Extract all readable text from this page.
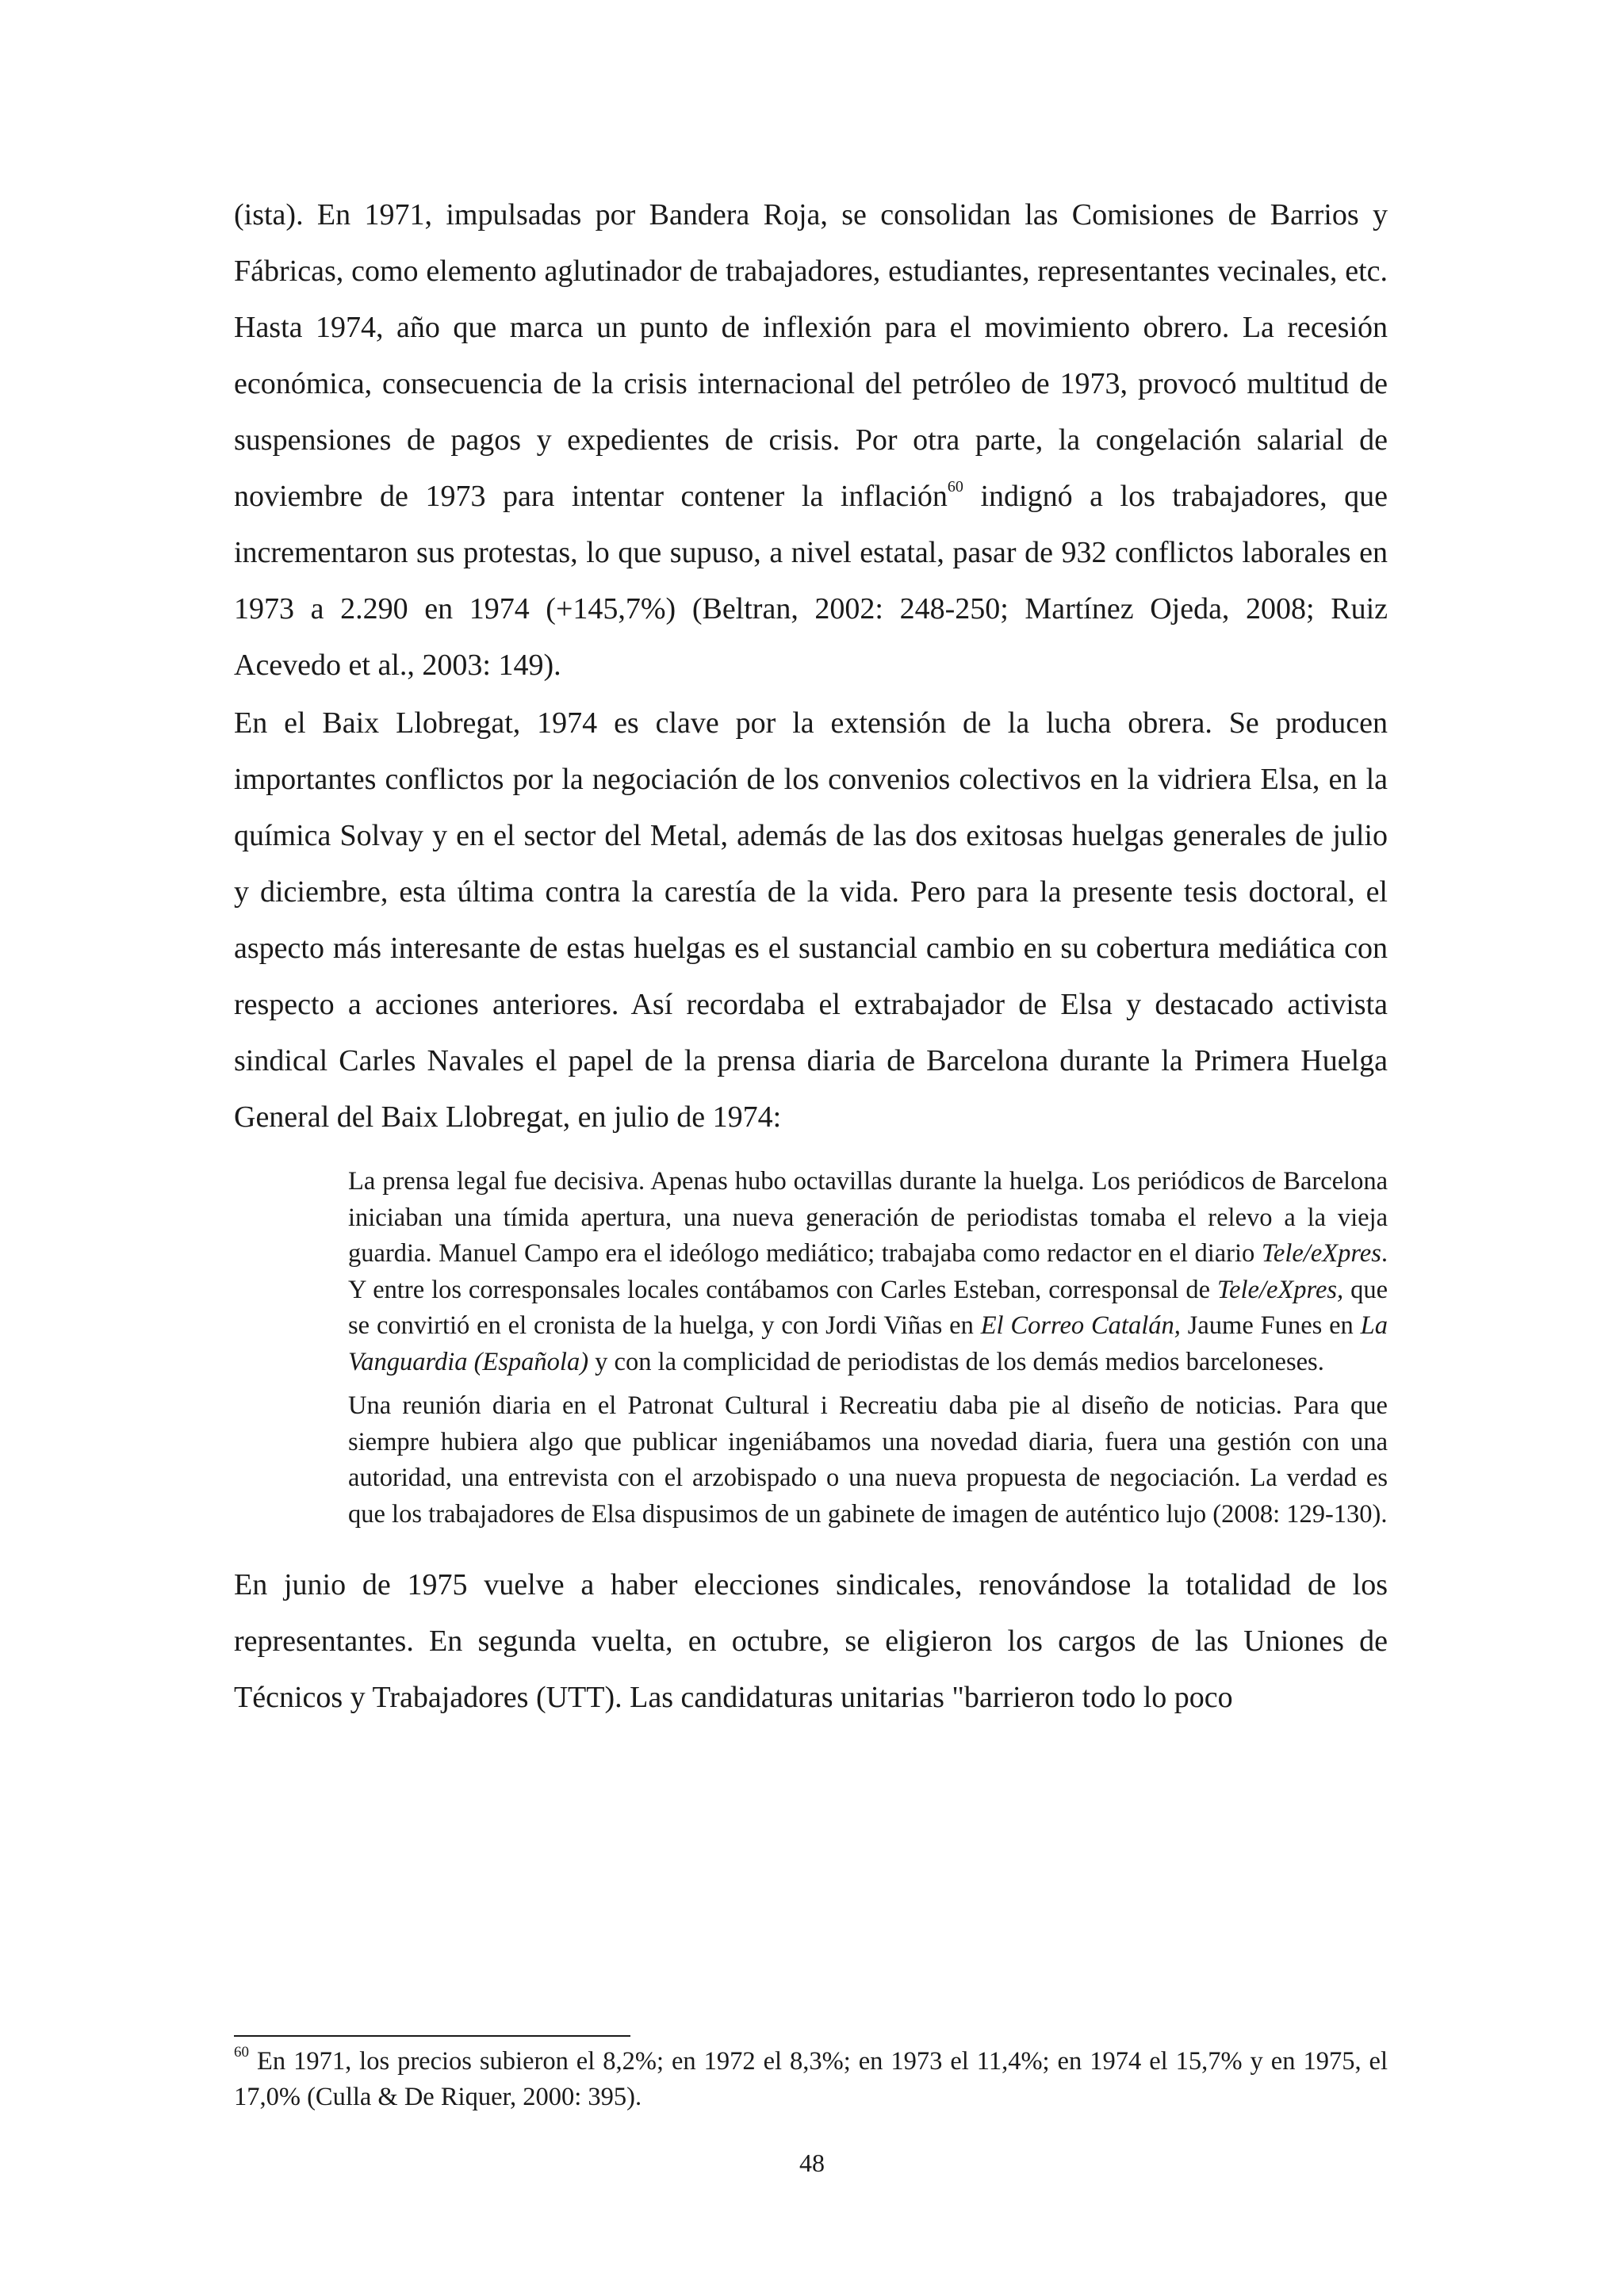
(ista). En 1971, impulsadas por Bandera Roja, se consolidan las Comisiones de Barrios y Fábricas, como elemento aglutinador de trabajadores, estudiantes, representantes vecinales, etc. Hasta 1974, año que marca un punto de inflexión para el movimiento obrero. La recesión económica, consecuencia de la crisis internacional del petróleo de 1973, provocó multitud de suspensiones de pagos y expedientes de crisis. Por otra parte, la congelación salarial de noviembre de 1973 para intentar contener la inflación$^{60}$ indignó a los trabajadores, que incrementaron sus protestas, lo que supuso, a nivel estatal, pasar de 932 conflictos laborales en 1973 a 2.290 en 1974 (+145,7%) (Beltran, 2002: 248-250; Martínez Ojeda, 2008; Ruiz Acevedo et al., 2003: 149).

En el Baix Llobregat, 1974 es clave por la extensión de la lucha obrera. Se producen importantes conflictos por la negociación de los convenios colectivos en la vidriera Elsa, en la química Solvay y en el sector del Metal, además de las dos exitosas huelgas generales de julio y diciembre, esta última contra la carestía de la vida. Pero para la presente tesis doctoral, el aspecto más interesante de estas huelgas es el sustancial cambio en su cobertura mediática con respecto a acciones anteriores. Así recordaba el extrabajador de Elsa y destacado activista sindical Carles Navales el papel de la prensa diaria de Barcelona durante la Primera Huelga General del Baix Llobregat, en julio de 1974:

La prensa legal fue decisiva. Apenas hubo octavillas durante la huelga. Los periódicos de Barcelona iniciaban una tímida apertura, una nueva generación de periodistas tomaba el relevo a la vieja guardia. Manuel Campo era el ideólogo mediático; trabajaba como redactor en el diario Tele/eXpres. Y entre los corresponsales locales contábamos con Carles Esteban, corresponsal de Tele/eXpres, que se convirtió en el cronista de la huelga, y con Jordi Viñas en El Correo Catalán, Jaume Funes en La Vanguardia (Española) y con la complicidad de periodistas de los demás medios barceloneses.

Una reunión diaria en el Patronat Cultural i Recreatiu daba pie al diseño de noticias. Para que siempre hubiera algo que publicar ingeniábamos una novedad diaria, fuera una gestión con una autoridad, una entrevista con el arzobispado o una nueva propuesta de negociación. La verdad es que los trabajadores de Elsa dispusimos de un gabinete de imagen de auténtico lujo (2008: 129-130).

En junio de 1975 vuelve a haber elecciones sindicales, renovándose la totalidad de los representantes. En segunda vuelta, en octubre, se eligieron los cargos de las Uniones de Técnicos y Trabajadores (UTT). Las candidaturas unitarias "barrieron todo lo poco

$^{60}$ En 1971, los precios subieron el 8,2%; en 1972 el 8,3%; en 1973 el 11,4%; en 1974 el 15,7% y en 1975, el 17,0% (Culla & De Riquer, 2000: 395).

48
